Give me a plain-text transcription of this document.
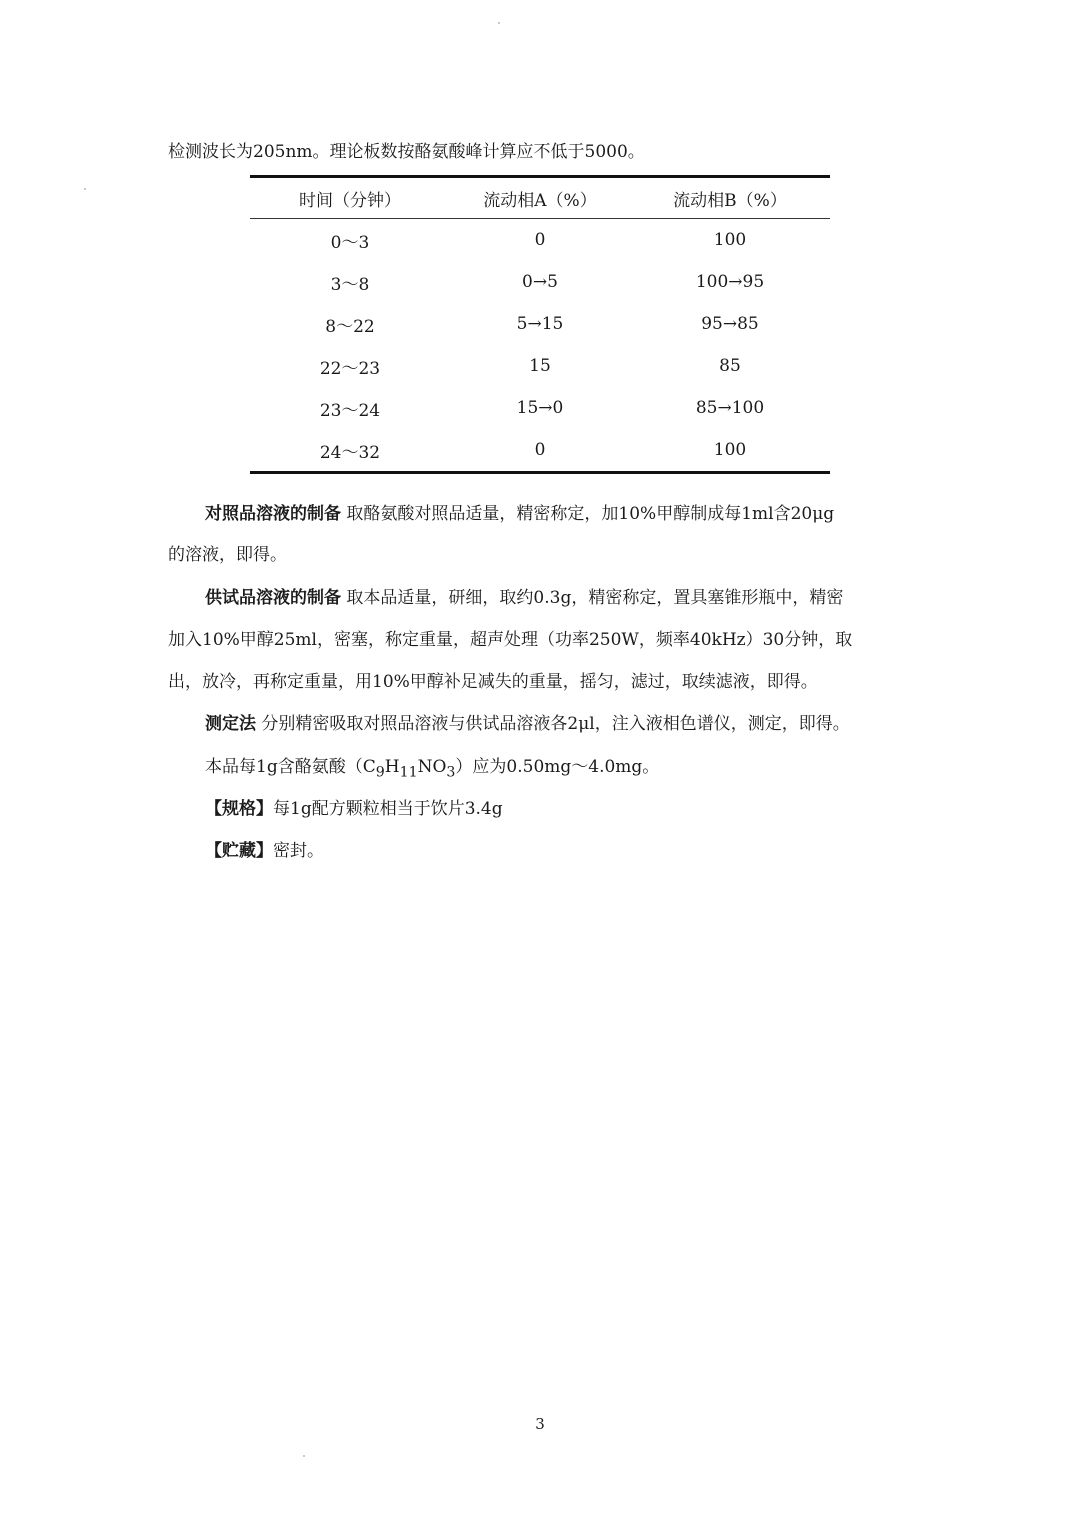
检测波长为205nm。理论板数按酪氨酸峰计算应不低于5000。
时间（分钟）	流动相A（%）	流动相B（%）
0～3	0	100
3～8	0→5	100→95
8～22	5→15	95→85
22～23	15	85
23～24	15→0	85→100
24～32	0	100
对照品溶液的制备 取酪氨酸对照品适量，精密称定，加10%甲醇制成每1ml含20μg
的溶液，即得。
供试品溶液的制备 取本品适量，研细，取约0.3g，精密称定，置具塞锥形瓶中，精密
加入10%甲醇25ml，密塞，称定重量，超声处理（功率250W，频率40kHz）30分钟，取
出，放冷，再称定重量，用10%甲醇补足减失的重量，摇匀，滤过，取续滤液，即得。
测定法 分别精密吸取对照品溶液与供试品溶液各2μl，注入液相色谱仪，测定，即得。
本品每1g含酪氨酸$(C_9H_{11}NO_3)$应为0.50mg～4.0mg。
【规格】每1g配方颗粒相当于饮片3.4g
【贮藏】密封。
3
